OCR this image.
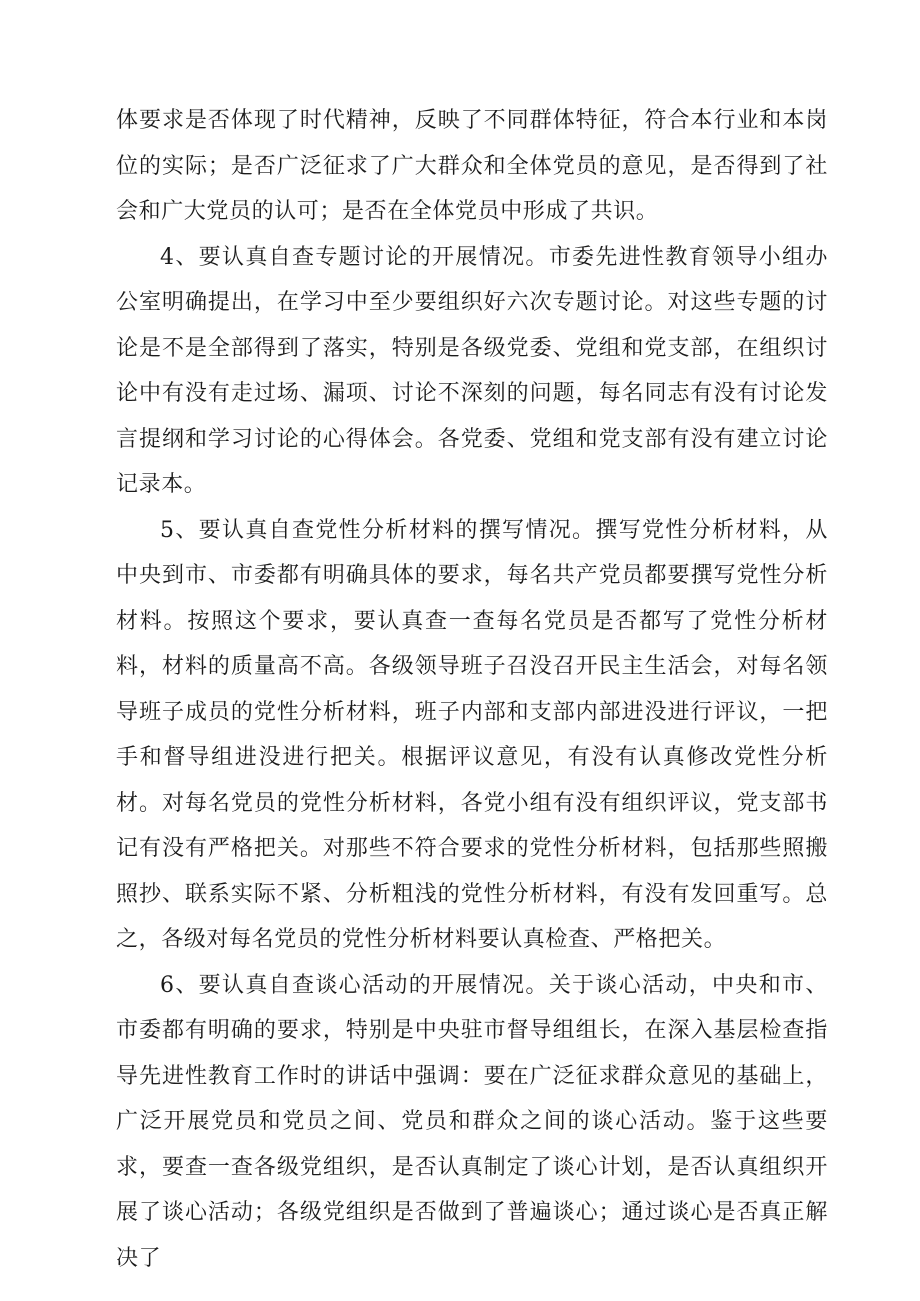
体要求是否体现了时代精神，反映了不同群体特征，符合本行业和本岗位的实际；是否广泛征求了广大群众和全体党员的意见，是否得到了社会和广大党员的认可；是否在全体党员中形成了共识。

4、要认真自查专题讨论的开展情况。市委先进性教育领导小组办公室明确提出，在学习中至少要组织好六次专题讨论。对这些专题的讨论是不是全部得到了落实，特别是各级党委、党组和党支部，在组织讨论中有没有走过场、漏项、讨论不深刻的问题，每名同志有没有讨论发言提纲和学习讨论的心得体会。各党委、党组和党支部有没有建立讨论记录本。

5、要认真自查党性分析材料的撰写情况。撰写党性分析材料，从中央到市、市委都有明确具体的要求，每名共产党员都要撰写党性分析材料。按照这个要求，要认真查一查每名党员是否都写了党性分析材料，材料的质量高不高。各级领导班子召没召开民主生活会，对每名领导班子成员的党性分析材料，班子内部和支部内部进没进行评议，一把手和督导组进没进行把关。根据评议意见，有没有认真修改党性分析材。对每名党员的党性分析材料，各党小组有没有组织评议，党支部书记有没有严格把关。对那些不符合要求的党性分析材料，包括那些照搬照抄、联系实际不紧、分析粗浅的党性分析材料，有没有发回重写。总之，各级对每名党员的党性分析材料要认真检查、严格把关。

6、要认真自查谈心活动的开展情况。关于谈心活动，中央和市、市委都有明确的要求，特别是中央驻市督导组组长，在深入基层检查指导先进性教育工作时的讲话中强调：要在广泛征求群众意见的基础上，广泛开展党员和党员之间、党员和群众之间的谈心活动。鉴于这些要求，要查一查各级党组织，是否认真制定了谈心计划，是否认真组织开展了谈心活动；各级党组织是否做到了普遍谈心；通过谈心是否真正解决了
